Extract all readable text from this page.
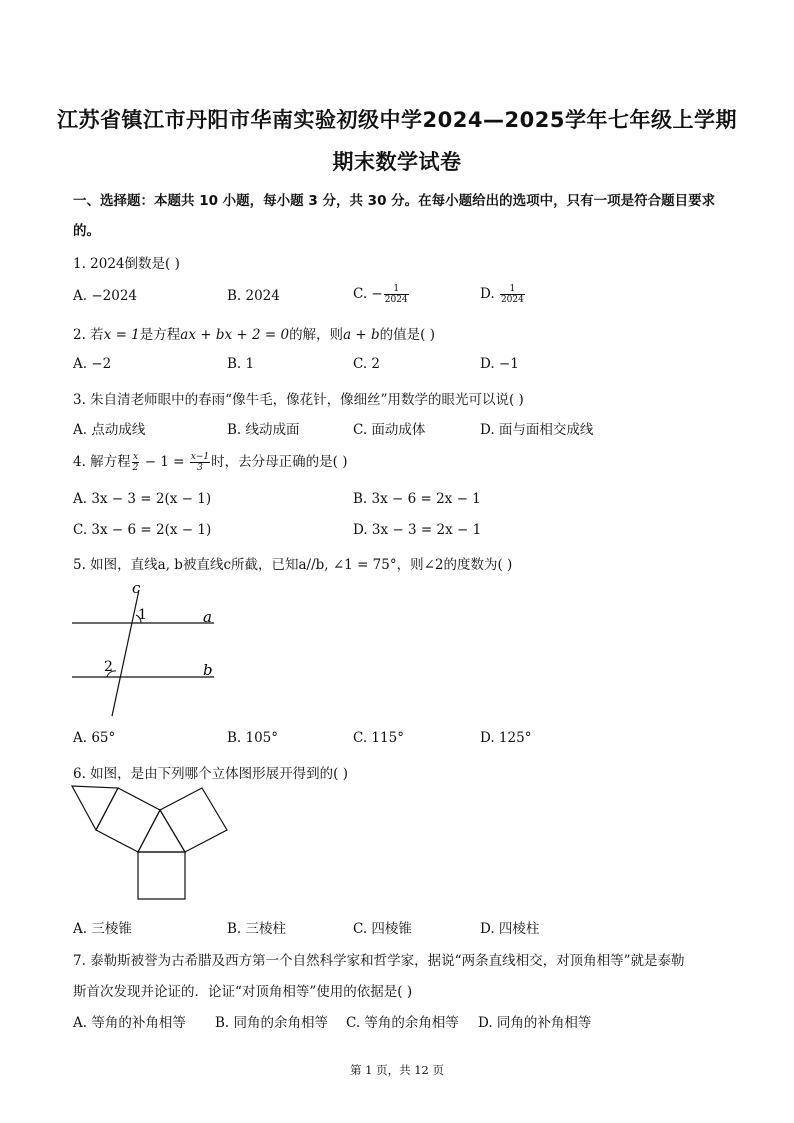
江苏省镇江市丹阳市华南实验初级中学2024—2025学年七年级上学期
期末数学试卷
一、选择题：本题共 10 小题，每小题 3 分，共 30 分。在每小题给出的选项中，只有一项是符合题目要求
的。
1. 2024倒数是( )
A. −2024	B. 2024	C. − $\frac{1}{2024}$	D. $\frac{1}{2024}$
2. 若x = 1是方程ax + bx + 2 = 0的解，则a + b的值是( )
A. −2	B. 1	C. 2	D. −1
3. 朱自清老师眼中的春雨“像牛毛，像花针，像细丝”用数学的眼光可以说( )
A. 点动成线	B. 线动成面	C. 面动成体	D. 面与面相交成线
4. 解方程 $\frac{x}{2} - 1 = \frac{x-1}{3}$ 时，去分母正确的是( )
A. 3x − 3 = 2(x − 1)	B. 3x − 6 = 2x − 1
C. 3x − 6 = 2(x − 1)	D. 3x − 3 = 2x − 1
5. 如图，直线a, b被直线c所截，已知a//b, ∠1 = 75°，则∠2的度数为( )
c
1	a
2	b
A. 65°	B. 105°	C. 115°	D. 125°
6. 如图，是由下列哪个立体图形展开得到的( )
A. 三棱锥	B. 三棱柱	C. 四棱锥	D. 四棱柱
7. 泰勒斯被誉为古希腊及西方第一个自然科学家和哲学家，据说“两条直线相交，对顶角相等”就是泰勒
斯首次发现并论证的．论证“对顶角相等”使用的依据是( )
A. 等角的补角相等 B. 同角的余角相等 C. 等角的余角相等 D. 同角的补角相等
第 1 页，共 12 页
